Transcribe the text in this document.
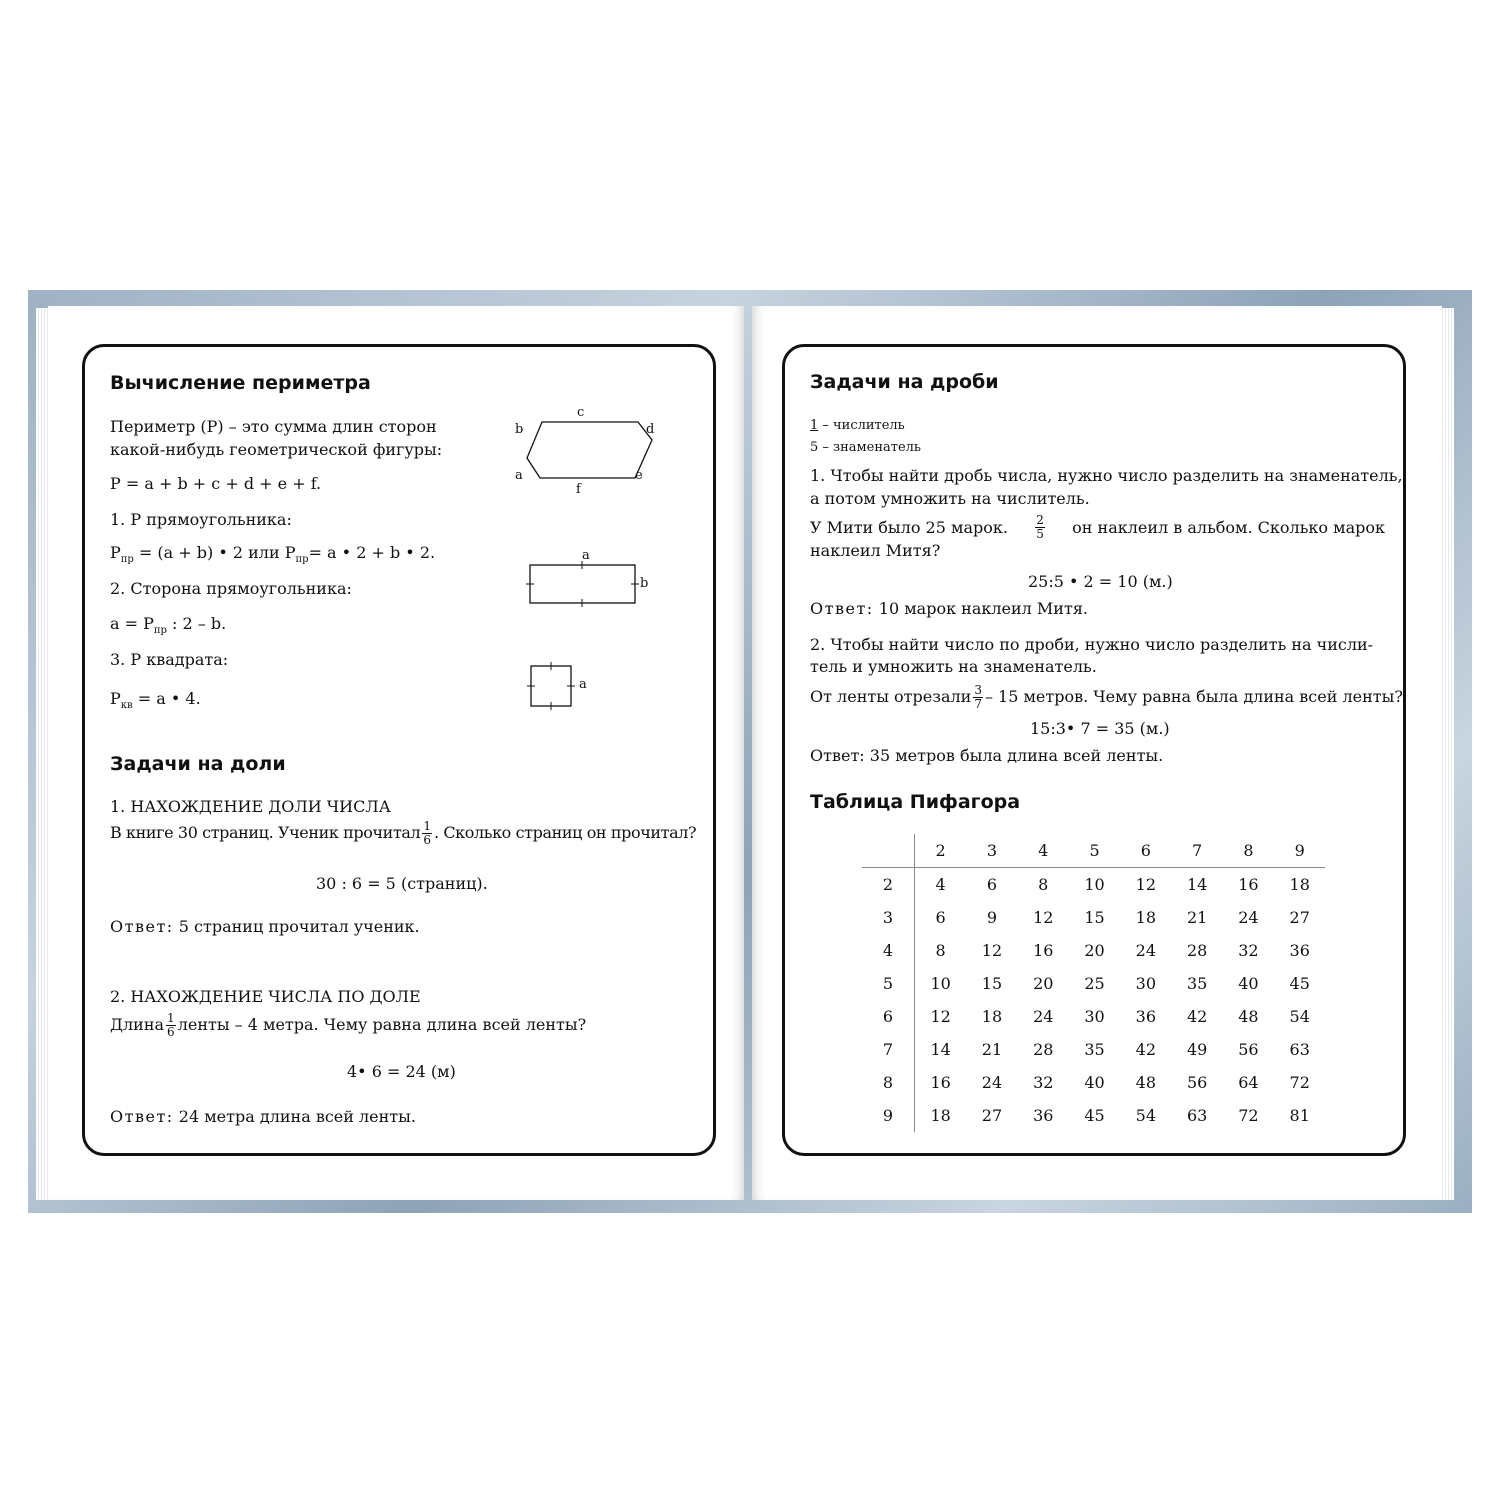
Вычисление периметра
Периметр (Р) – это сумма длин сторон
какой-нибудь геометрической фигуры:
Р = a + b + c + d + e + f.
1. Р прямоугольника:
$Р_{пр} = (а + b)$ • 2 или $Р_{пр}= а$ • 2 + b • 2.
2. Сторона прямоугольника:
$a = Р_{пр}$ : 2 – b.
3. Р квадрата:
$Р_{кв} = а$ • 4.
c
b	d
a	e
f
a
b
a
Задачи на доли
1. НАХОЖДЕНИЕ ДОЛИ ЧИСЛА
В книге 30 страниц. Ученик прочитал $\frac{1}{6}$ . Сколько страниц он прочитал?
30 : 6 = 5 (страниц).
Ответ: 5 страниц прочитал ученик.
2. НАХОЖДЕНИЕ ЧИСЛА ПО ДОЛЕ
Длина $\frac{1}{6}$ ленты – 4 метра. Чему равна длина всей ленты?
4• 6 = 24 (м)
Ответ: 24 метра длина всей ленты.
Задачи на дроби
1 – числитель
5 – знаменатель
1. Чтобы найти дробь числа, нужно число разделить на знаменатель,
а потом умножить на числитель.
У Мити было 25 марок. $\frac{2}{5}$ он наклеил в альбом. Сколько марок
наклеил Митя?
25:5 • 2 = 10 (м.)
Ответ: 10 марок наклеил Митя.
2. Чтобы найти число по дроби, нужно число разделить на числи-
тель и умножить на знаменатель.
От ленты отрезали $\frac{3}{7} - 15$ метров. Чему равна была длина всей ленты?
15:3• 7 = 35 (м.)
Ответ: 35 метров была длина всей ленты.
Таблица Пифагора
	2	3	4	5	6	7	8	9
2	4	6	8	10	12	14	16	18
3	6	9	12	15	18	21	24	27
4	8	12	16	20	24	28	32	36
5	10	15	20	25	30	35	40	45
6	12	18	24	30	36	42	48	54
7	14	21	28	35	42	49	56	63
8	16	24	32	40	48	56	64	72
9	18	27	36	45	54	63	72	81
